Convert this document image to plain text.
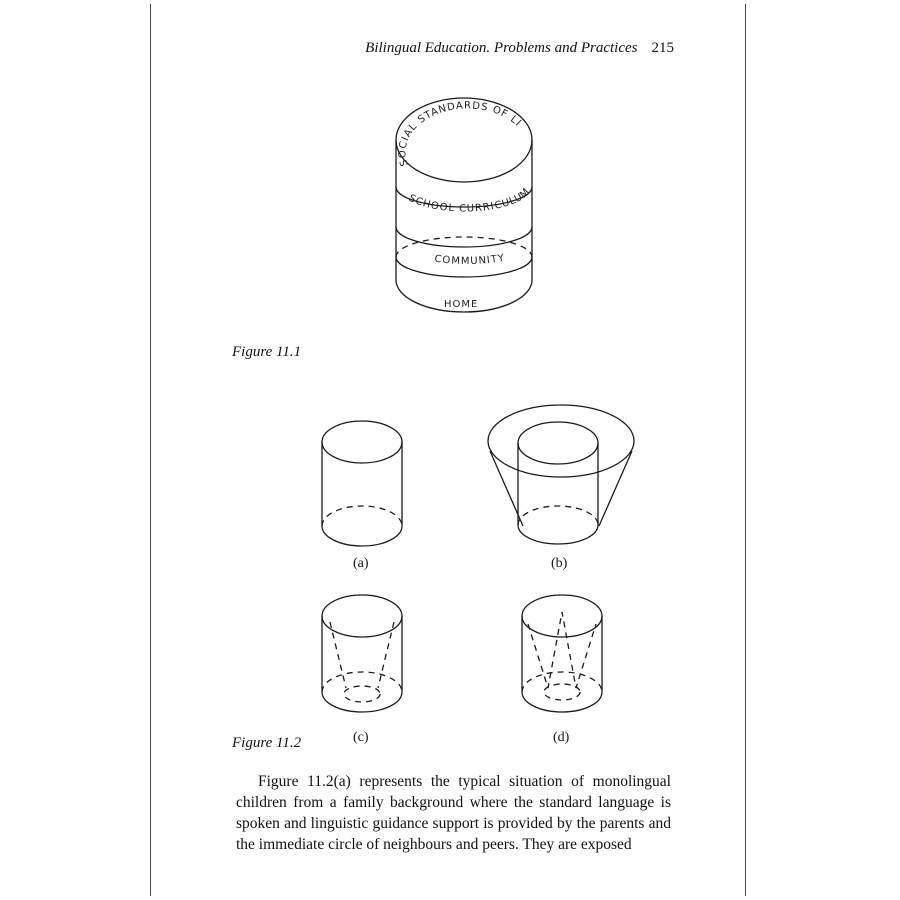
Bilingual Education. Problems and Practices 215
SOCIAL STANDARDS OF LINGUISTIC COMPETENCE
SCHOOL CURRICULUM
COMMUNITY
HOME
Figure 11.1
(a)	(b)
(c)	(d)
Figure 11.2
Figure 11.2(a) represents the typical situation of monolingual children from a family background where the standard language is spoken and linguistic guidance support is provided by the parents and the immediate circle of neighbours and peers. They are exposed
